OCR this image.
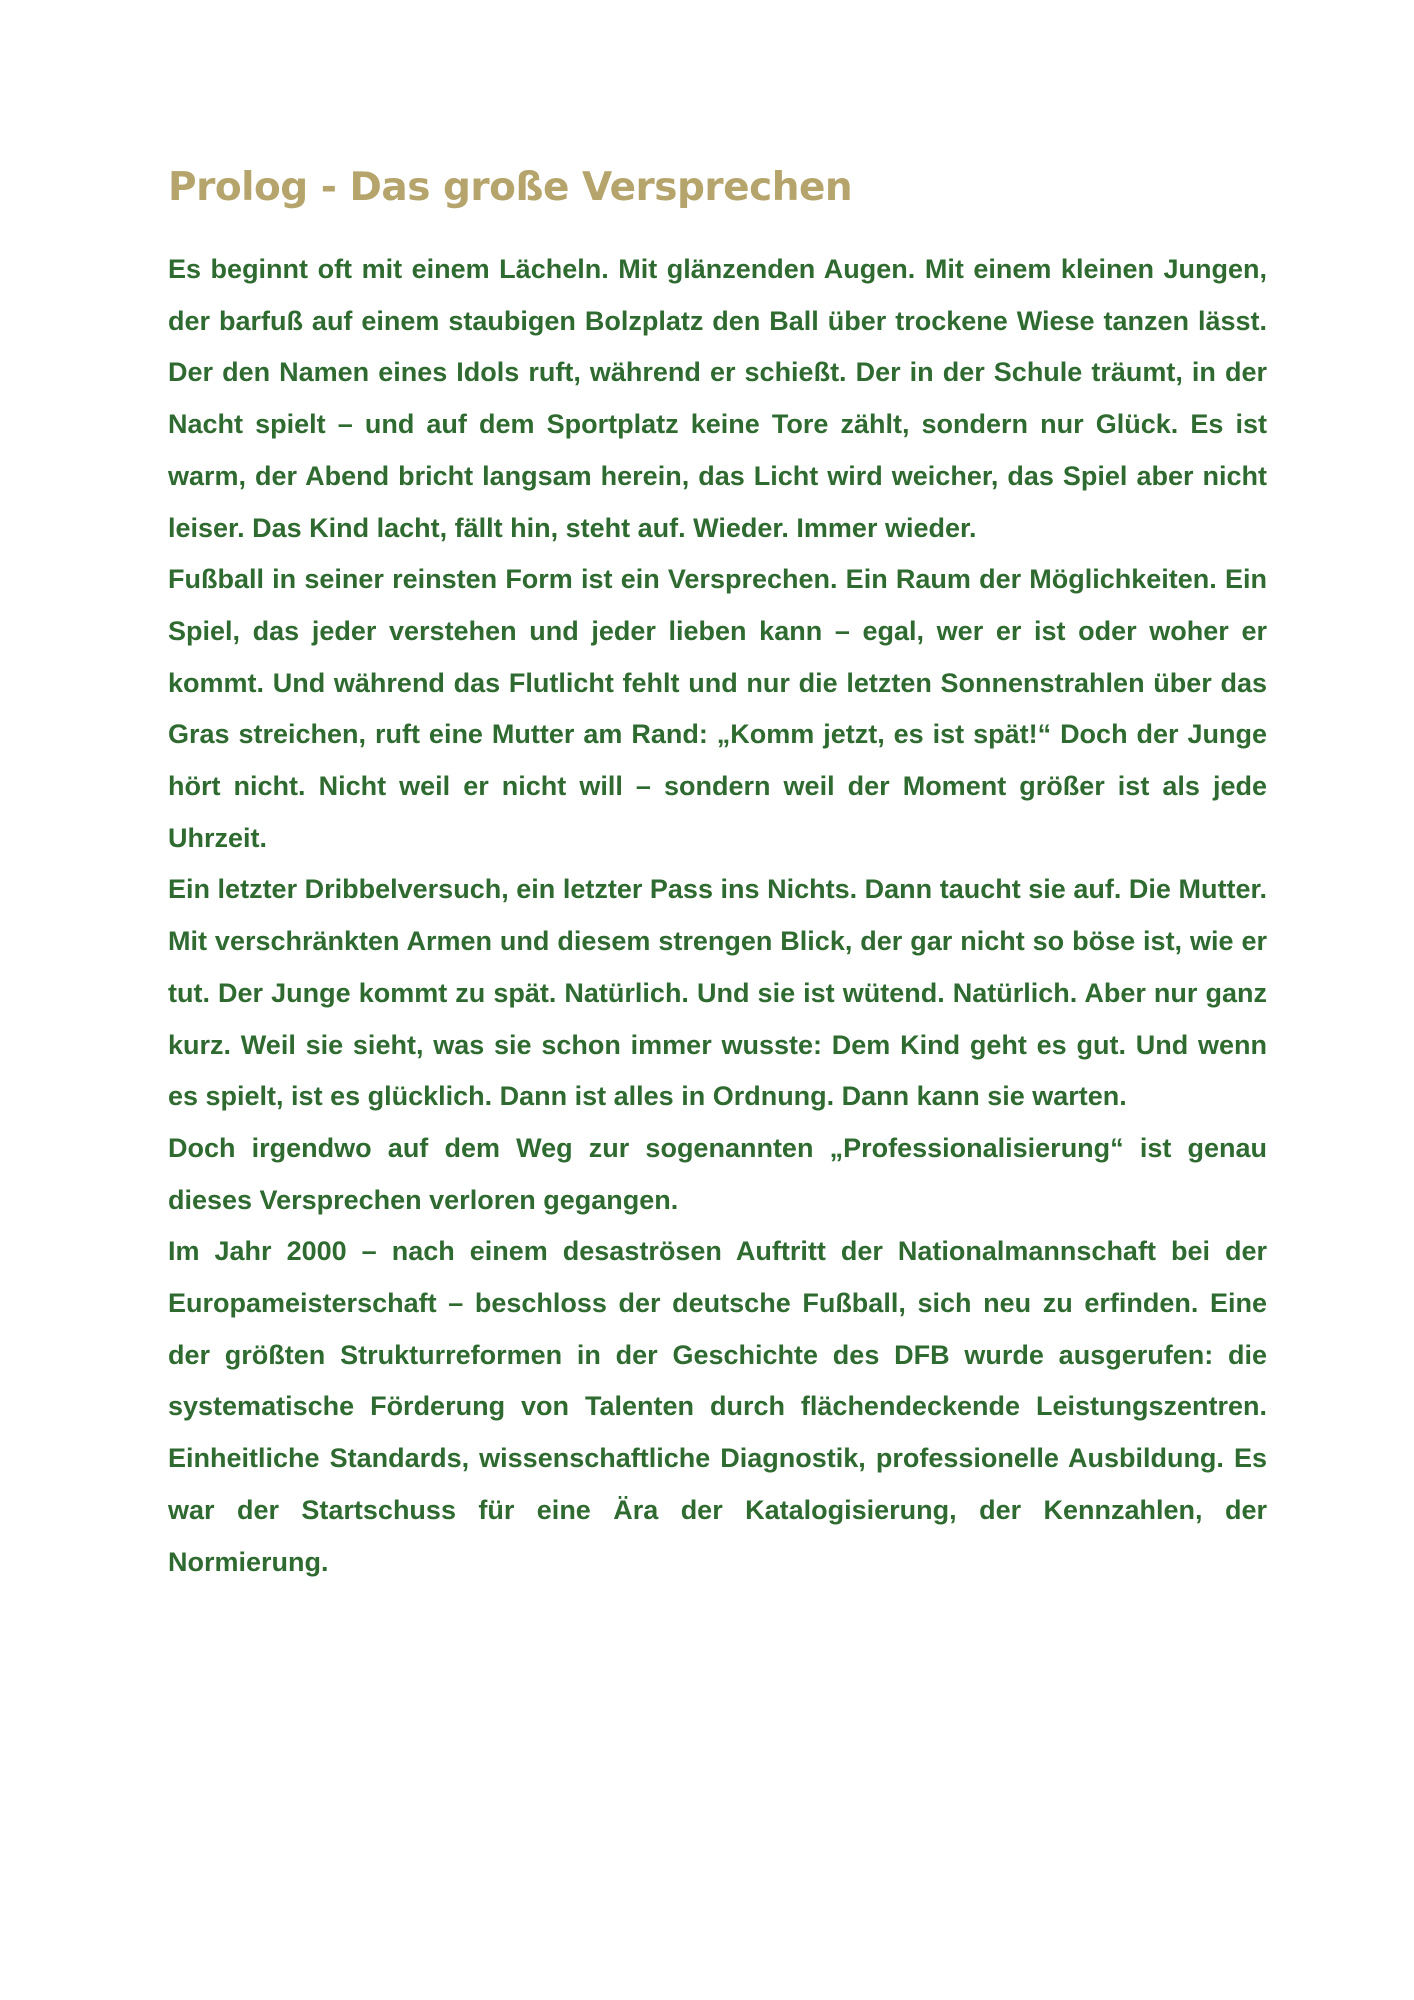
Prolog - Das große Versprechen

Es beginnt oft mit einem Lächeln. Mit glänzenden Augen. Mit einem kleinen Jungen, der barfuß auf einem staubigen Bolzplatz den Ball über trockene Wiese tanzen lässt. Der den Namen eines Idols ruft, während er schießt. Der in der Schule träumt, in der Nacht spielt – und auf dem Sportplatz keine Tore zählt, sondern nur Glück. Es ist warm, der Abend bricht langsam herein, das Licht wird weicher, das Spiel aber nicht leiser. Das Kind lacht, fällt hin, steht auf. Wieder. Immer wieder.

Fußball in seiner reinsten Form ist ein Versprechen. Ein Raum der Möglichkeiten. Ein Spiel, das jeder verstehen und jeder lieben kann – egal, wer er ist oder woher er kommt. Und während das Flutlicht fehlt und nur die letzten Sonnenstrahlen über das Gras streichen, ruft eine Mutter am Rand: „Komm jetzt, es ist spät!“ Doch der Junge hört nicht. Nicht weil er nicht will – sondern weil der Moment größer ist als jede Uhrzeit.

Ein letzter Dribbelversuch, ein letzter Pass ins Nichts. Dann taucht sie auf. Die Mutter. Mit verschränkten Armen und diesem strengen Blick, der gar nicht so böse ist, wie er tut. Der Junge kommt zu spät. Natürlich. Und sie ist wütend. Natürlich. Aber nur ganz kurz. Weil sie sieht, was sie schon immer wusste: Dem Kind geht es gut. Und wenn es spielt, ist es glücklich. Dann ist alles in Ordnung. Dann kann sie warten.

Doch irgendwo auf dem Weg zur sogenannten „Professionalisierung“ ist genau dieses Versprechen verloren gegangen.

Im Jahr 2000 – nach einem desaströsen Auftritt der Nationalmannschaft bei der Europameisterschaft – beschloss der deutsche Fußball, sich neu zu erfinden. Eine der größten Strukturreformen in der Geschichte des DFB wurde ausgerufen: die systematische Förderung von Talenten durch flächendeckende Leistungszentren. Einheitliche Standards, wissenschaftliche Diagnostik, professionelle Ausbildung. Es war der Startschuss für eine Ära der Katalogisierung, der Kennzahlen, der Normierung.
